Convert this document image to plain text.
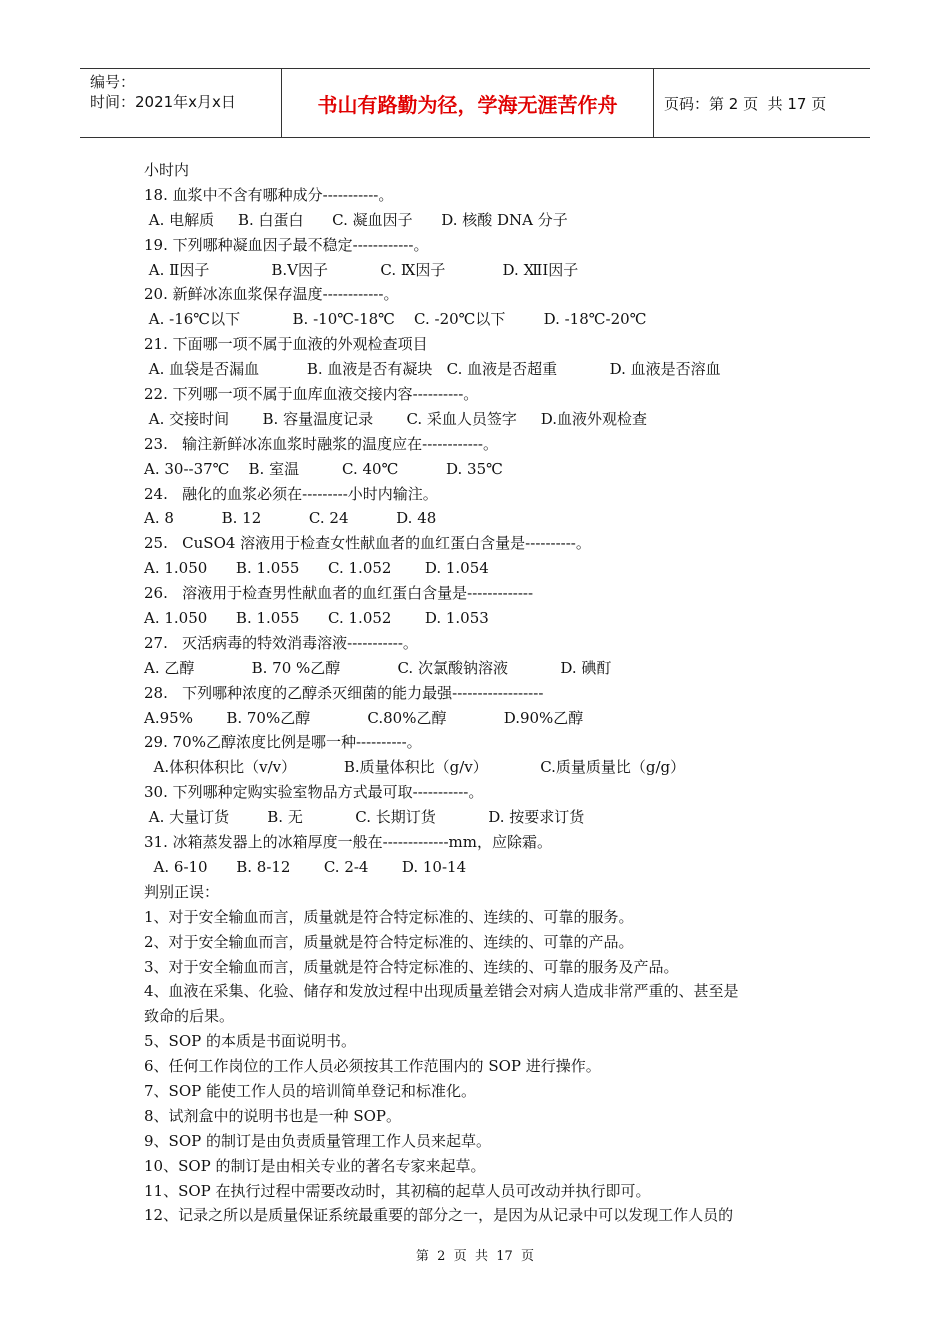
编号：
时间：2021年x月x日	书山有路勤为径，学海无涯苦作舟	页码：第 2 页  共 17 页
小时内
18. 血浆中不含有哪种成分-----------。
A. 电解质     B. 白蛋白      C. 凝血因子      D. 核酸 DNA 分子
19. 下列哪种凝血因子最不稳定------------。
A. Ⅱ因子             B.Ⅴ因子           C. Ⅸ因子            D. ⅫⅠ因子
20. 新鲜冰冻血浆保存温度------------。
A. -16℃以下           B. -10℃-18℃    C. -20℃以下        D. -18℃-20℃
21. 下面哪一项不属于血液的外观检查项目
A. 血袋是否漏血          B. 血液是否有凝块   C. 血液是否超重           D. 血液是否溶血
22. 下列哪一项不属于血库血液交接内容----------。
A. 交接时间       B. 容量温度记录       C. 采血人员签字     D.血液外观检查
23.   输注新鲜冰冻血浆时融浆的温度应在------------。
A. 30--37℃    B. 室温         C. 40℃          D. 35℃
24.   融化的血浆必须在---------小时内输注。
A. 8          B. 12          C. 24          D. 48
25.   CuSO4 溶液用于检查女性献血者的血红蛋白含量是----------。
A. 1.050      B. 1.055      C. 1.052       D. 1.054
26.   溶液用于检查男性献血者的血红蛋白含量是-------------
A. 1.050      B. 1.055      C. 1.052       D. 1.053
27.   灭活病毒的特效消毒溶液-----------。
A. 乙醇            B. 70 %乙醇            C. 次氯酸钠溶液           D. 碘酊
28.   下列哪种浓度的乙醇杀灭细菌的能力最强------------------
A.95%       B. 70%乙醇            C.80%乙醇            D.90%乙醇
29. 70%乙醇浓度比例是哪一种----------。
A.体积体积比（v/v）          B.质量体积比（g/v）           C.质量质量比（g/g）
30. 下列哪种定购实验室物品方式最可取-----------。
A. 大量订货        B. 无           C. 长期订货           D. 按要求订货
31. 冰箱蒸发器上的冰箱厚度一般在-------------mm，应除霜。
A. 6-10      B. 8-12       C. 2-4       D. 10-14
判别正误：
1、对于安全输血而言，质量就是符合特定标准的、连续的、可靠的服务。
2、对于安全输血而言，质量就是符合特定标准的、连续的、可靠的产品。
3、对于安全输血而言，质量就是符合特定标准的、连续的、可靠的服务及产品。
4、血液在采集、化验、储存和发放过程中出现质量差错会对病人造成非常严重的、甚至是
致命的后果。
5、SOP 的本质是书面说明书。
6、任何工作岗位的工作人员必须按其工作范围内的 SOP 进行操作。
7、SOP 能使工作人员的培训简单登记和标准化。
8、试剂盒中的说明书也是一种 SOP。
9、SOP 的制订是由负责质量管理工作人员来起草。
10、SOP 的制订是由相关专业的著名专家来起草。
11、SOP 在执行过程中需要改动时，其初稿的起草人员可改动并执行即可。
12、记录之所以是质量保证系统最重要的部分之一，是因为从记录中可以发现工作人员的
第  2  页  共  17  页
